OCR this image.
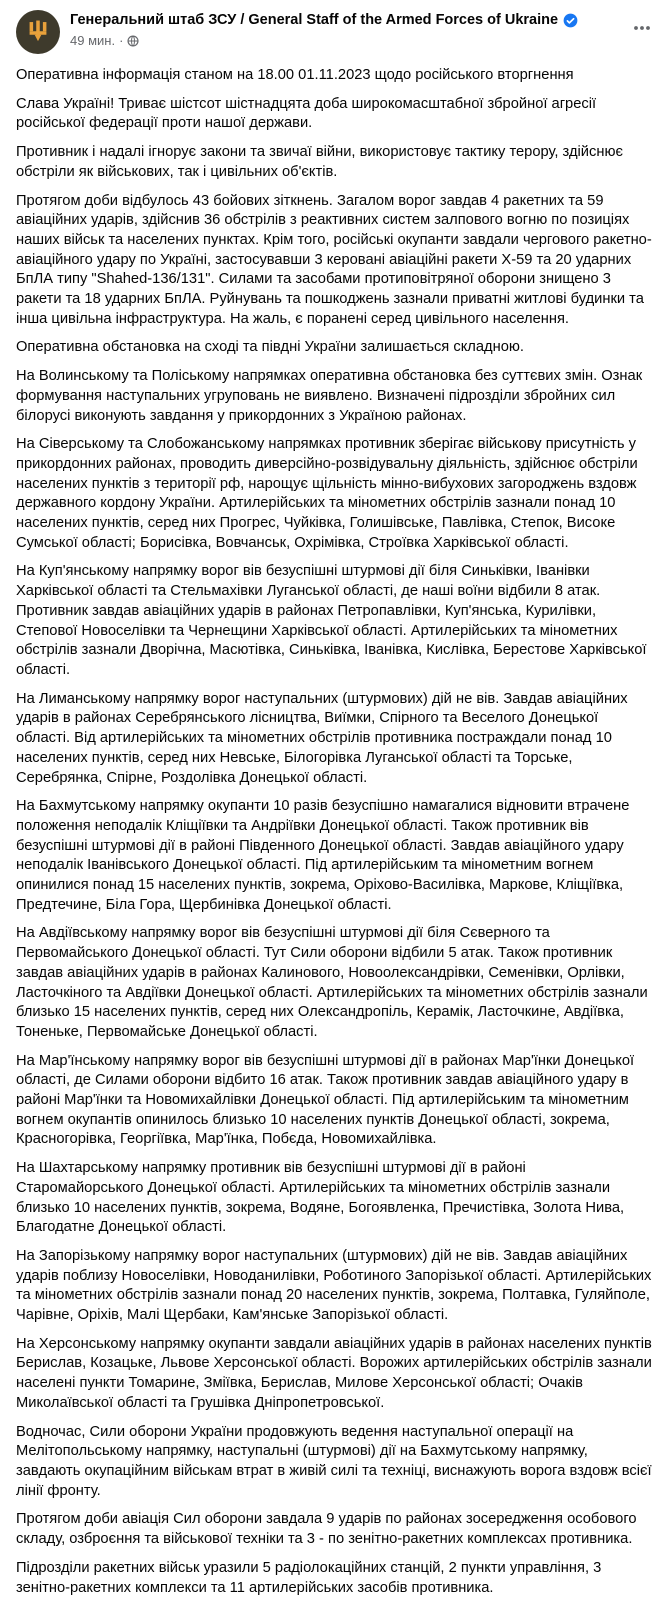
Генеральний штаб ЗСУ / General Staff of the Armed Forces of Ukraine
49 мин. ·

Оперативна інформація станом на 18.00 01.11.2023 щодо російського вторгнення

Слава Україні! Триває шістсот шістнадцята доба широкомасштабної збройної агресії російської федерації проти нашої держави.

Противник і надалі ігнорує закони та звичаї війни, використовує тактику терору, здійснює обстріли як військових, так і цивільних об'єктів.

Протягом доби відбулось 43 бойових зіткнень. Загалом ворог завдав 4 ракетних та 59 авіаційних ударів, здійснив 36 обстрілів з реактивних систем залпового вогню по позиціях наших військ та населених пунктах. Крім того, російські окупанти завдали чергового ракетно-авіаційного удару по Україні, застосувавши 3 керовані авіаційні ракети Х-59 та 20 ударних БпЛА типу "Shahed-136/131". Силами та засобами протиповітряної оборони знищено 3 ракети та 18 ударних БпЛА. Руйнувань та пошкоджень зазнали приватні житлові будинки та інша цивільна інфраструктура. На жаль, є поранені серед цивільного населення.

Оперативна обстановка на сході та півдні України залишається складною.

На Волинському та Поліському напрямках оперативна обстановка без суттєвих змін. Ознак формування наступальних угруповань не виявлено. Визначені підрозділи збройних сил білорусі виконують завдання у прикордонних з Україною районах.

На Сіверському та Слобожанському напрямках противник зберігає військову присутність у прикордонних районах, проводить диверсійно-розвідувальну діяльність, здійснює обстріли населених пунктів з території рф, нарощує щільність мінно-вибухових загороджень вздовж державного кордону України. Артилерійських та мінометних обстрілів зазнали понад 10 населених пунктів, серед них Прогрес, Чуйківка, Голишівське, Павлівка, Степок, Високе Сумської області; Борисівка, Вовчанськ, Охрімівка, Строївка Харківської області.

На Куп'янському напрямку ворог вів безуспішні штурмові дії біля Синьківки, Іванівки Харківської області та Стельмахівки Луганської області, де наші воїни відбили 8 атак. Противник завдав авіаційних ударів в районах Петропавлівки, Куп'янська, Курилівки, Степової Новоселівки та Чернещини Харківської області. Артилерійських та мінометних обстрілів зазнали Дворічна, Масютівка, Синьківка, Іванівка, Кислівка, Берестове Харківської області.

На Лиманському напрямку ворог наступальних (штурмових) дій не вів. Завдав авіаційних ударів в районах Серебрянського лісництва, Виїмки, Спірного та Веселого Донецької області. Від артилерійських та мінометних обстрілів противника постраждали понад 10 населених пунктів, серед них Невське, Білогорівка Луганської області та Торське, Серебрянка, Спірне, Роздолівка Донецької області.

На Бахмутському напрямку окупанти 10 разів безуспішно намагалися відновити втрачене положення неподалік Кліщіївки та Андріївки Донецької області. Також противник вів безуспішні штурмові дії в районі Південного Донецької області. Завдав авіаційного удару неподалік Іванівського Донецької області. Під артилерійським та мінометним вогнем опинилися понад 15 населених пунктів, зокрема, Оріхово-Василівка, Маркове, Кліщіївка, Предтечине, Біла Гора, Щербинівка Донецької області.

На Авдіївському напрямку ворог вів безуспішні штурмові дії біля Сєверного та Первомайського Донецької області. Тут Сили оборони відбили 5 атак. Також противник завдав авіаційних ударів в районах Калинового, Новоолександрівки, Семенівки, Орлівки, Ласточкіного та Авдіївки Донецької області. Артилерійських та мінометних обстрілів зазнали близько 15 населених пунктів, серед них Олександропіль, Керамік, Ласточкине, Авдіївка, Тоненьке, Первомайське Донецької області.

На Мар'їнському напрямку ворог вів безуспішні штурмові дії в районах Мар'їнки Донецької області, де Силами оборони відбито 16 атак. Також противник завдав авіаційного удару в районі Мар'їнки та Новомихайлівки Донецької області. Під артилерійським та мінометним вогнем окупантів опинилось близько 10 населених пунктів Донецької області, зокрема, Красногорівка, Георгіївка, Мар'їнка, Побєда, Новомихайлівка.

На Шахтарському напрямку противник вів безуспішні штурмові дії в районі Старомайорського Донецької області. Артилерійських та мінометних обстрілів зазнали близько 10 населених пунктів, зокрема, Водяне, Богоявленка, Пречистівка, Золота Нива, Благодатне Донецької області.

На Запорізькому напрямку ворог наступальних (штурмових) дій не вів. Завдав авіаційних ударів поблизу Новоселівки, Новоданилівки, Роботиного Запорізької області. Артилерійських та мінометних обстрілів зазнали понад 20 населених пунктів, зокрема, Полтавка, Гуляйполе, Чарівне, Оріхів, Малі Щербаки, Кам'янське Запорізької області.

На Херсонському напрямку окупанти завдали авіаційних ударів в районах населених пунктів Берислав, Козацьке, Львове Херсонської області. Ворожих артилерійських обстрілів зазнали населені пункти Томарине, Зміївка, Берислав, Милове Херсонської області; Очаків Миколаївської області та Грушівка Дніпропетровської.

Водночас, Сили оборони України продовжують ведення наступальної операції на Мелітопольському напрямку, наступальні (штурмові) дії на Бахмутському напрямку, завдають окупаційним військам втрат в живій силі та техніці, виснажують ворога вздовж всієї лінії фронту.

Протягом доби авіація Сил оборони завдала 9 ударів по районах зосередження особового складу, озброєння та військової техніки та 3 - по зенітно-ракетних комплексах противника.

Підрозділи ракетних військ уразили 5 радіолокаційних станцій, 2 пункти управління, 3 зенітно-ракетних комплекси та 11 артилерійських засобів противника.
